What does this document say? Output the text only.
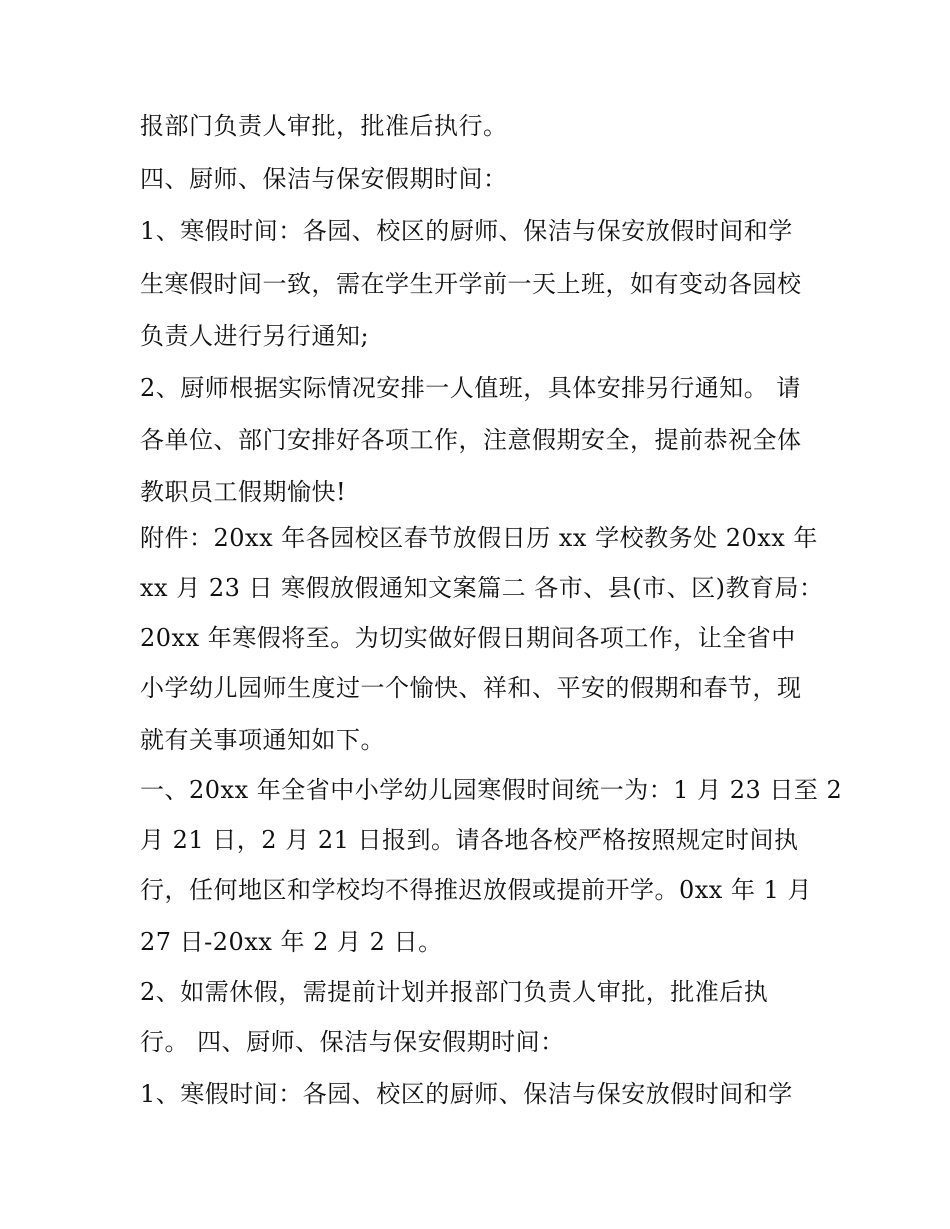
报部门负责人审批，批准后执行。

四、厨师、保洁与保安假期时间：

1、寒假时间：各园、校区的厨师、保洁与保安放假时间和学

生寒假时间一致，需在学生开学前一天上班，如有变动各园校

负责人进行另行通知;

2、厨师根据实际情况安排一人值班，具体安排另行通知。 请

各单位、部门安排好各项工作，注意假期安全，提前恭祝全体

教职员工假期愉快!

附件：20xx 年各园校区春节放假日历 xx 学校教务处 20xx 年

xx 月 23 日 寒假放假通知文案篇二 各市、县(市、区)教育局：

20xx 年寒假将至。为切实做好假日期间各项工作，让全省中

小学幼儿园师生度过一个愉快、祥和、平安的假期和春节，现

就有关事项通知如下。

一、20xx 年全省中小学幼儿园寒假时间统一为：1 月 23 日至 2

月 21 日，2 月 21 日报到。请各地各校严格按照规定时间执

行，任何地区和学校均不得推迟放假或提前开学。0xx 年 1 月

27 日-20xx 年 2 月 2 日。

2、如需休假，需提前计划并报部门负责人审批，批准后执

行。 四、厨师、保洁与保安假期时间：

1、寒假时间：各园、校区的厨师、保洁与保安放假时间和学
